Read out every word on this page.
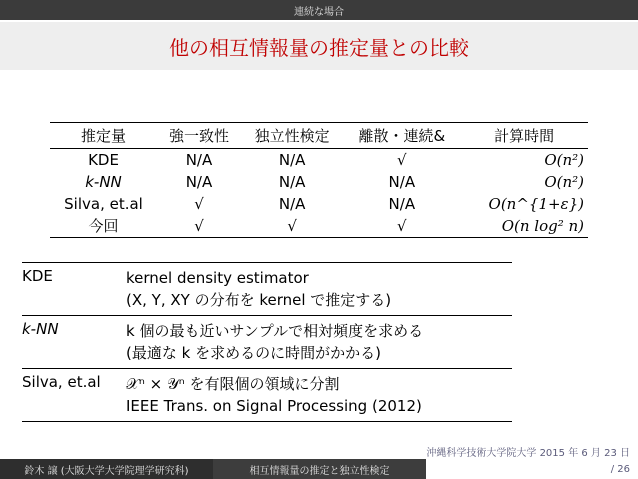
連続な場合
他の相互情報量の推定量との比較
推定量	強一致性	独立性検定	離散・連続&	計算時間
KDE	N/A	N/A	√	O(n²)
k-NN	N/A	N/A	N/A	O(n²)
Silva, et.al	√	N/A	N/A	O(n^{1+ε})
今回	√	√	√	O(n log² n)
KDE	kernel density estimator
(X, Y, XY の分布を kernel で推定する)
k-NN	k 個の最も近いサンプルで相対頻度を求める
(最適な k を求めるのに時間がかかる)
Silva, et.al	𝒳ⁿ × 𝒴ⁿ を有限個の領域に分割
IEEE Trans. on Signal Processing (2012)
沖縄科学技術大学院大学 2015 年 6 月 23 日
鈴木 譲 (大阪大学大学院理学研究科)	相互情報量の推定と独立性検定	/ 26
